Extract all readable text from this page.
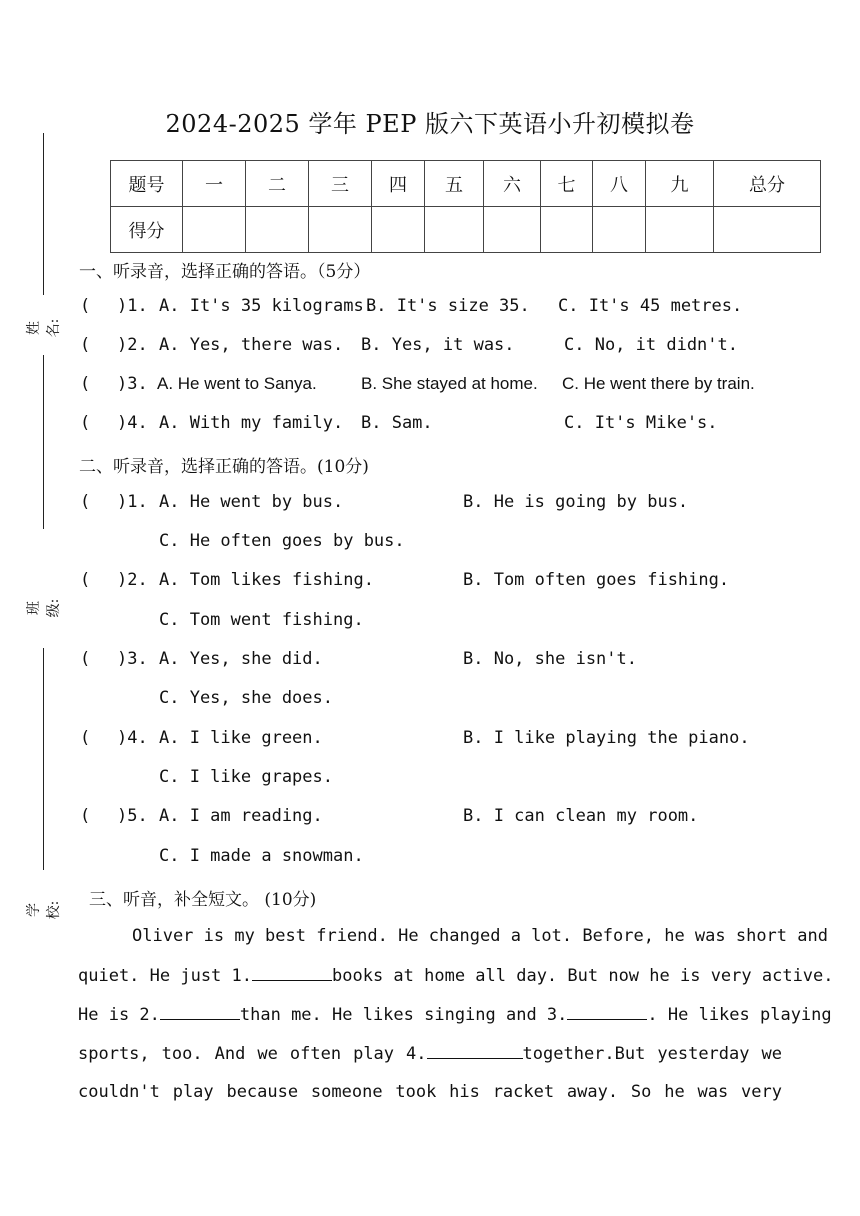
2024-2025 学年 PEP 版六下英语小升初模拟卷
姓名:
班级:
学校:
题号	一	二	三	四	五	六	七	八	九	总分
得分										
一、听录音，选择正确的答语。（5分）
( )1. A. It's 35 kilograms.
B. It's size 35. C. It's 45 metres.
( )2. A. Yes, there was. B. Yes, it was.	C. No, it didn't.
( )3. A. He went to Sanya.	B. She stayed at home. C. He went there by train.
( )4. A. With my family. B. Sam.	C. It's Mike's.
二、听录音，选择正确的答语。(10分)
( )1. A. He went by bus.	B. He is going by bus.
C. He often goes by bus.
( )2. A. Tom likes fishing.	B. Tom often goes fishing.
C. Tom went fishing.
( )3. A. Yes, she did.	B. No, she isn't.
C. Yes, she does.
( )4. A. I like green.	B. I like playing the piano.
C. I like grapes.
( )5. A. I am reading.	B. I can clean my room.
C. I made a snowman.
三、听音，补全短文。 (10分)
Oliver is my best friend. He changed a lot. Before, he was short and
quiet. He just 1.	books at home all day. But now he is very active.
He is 2.	than me. He likes singing and 3.	. He likes playing
sports, too. And we often play 4.	together.But yesterday we
couldn't play because someone took his racket away. So he was very
